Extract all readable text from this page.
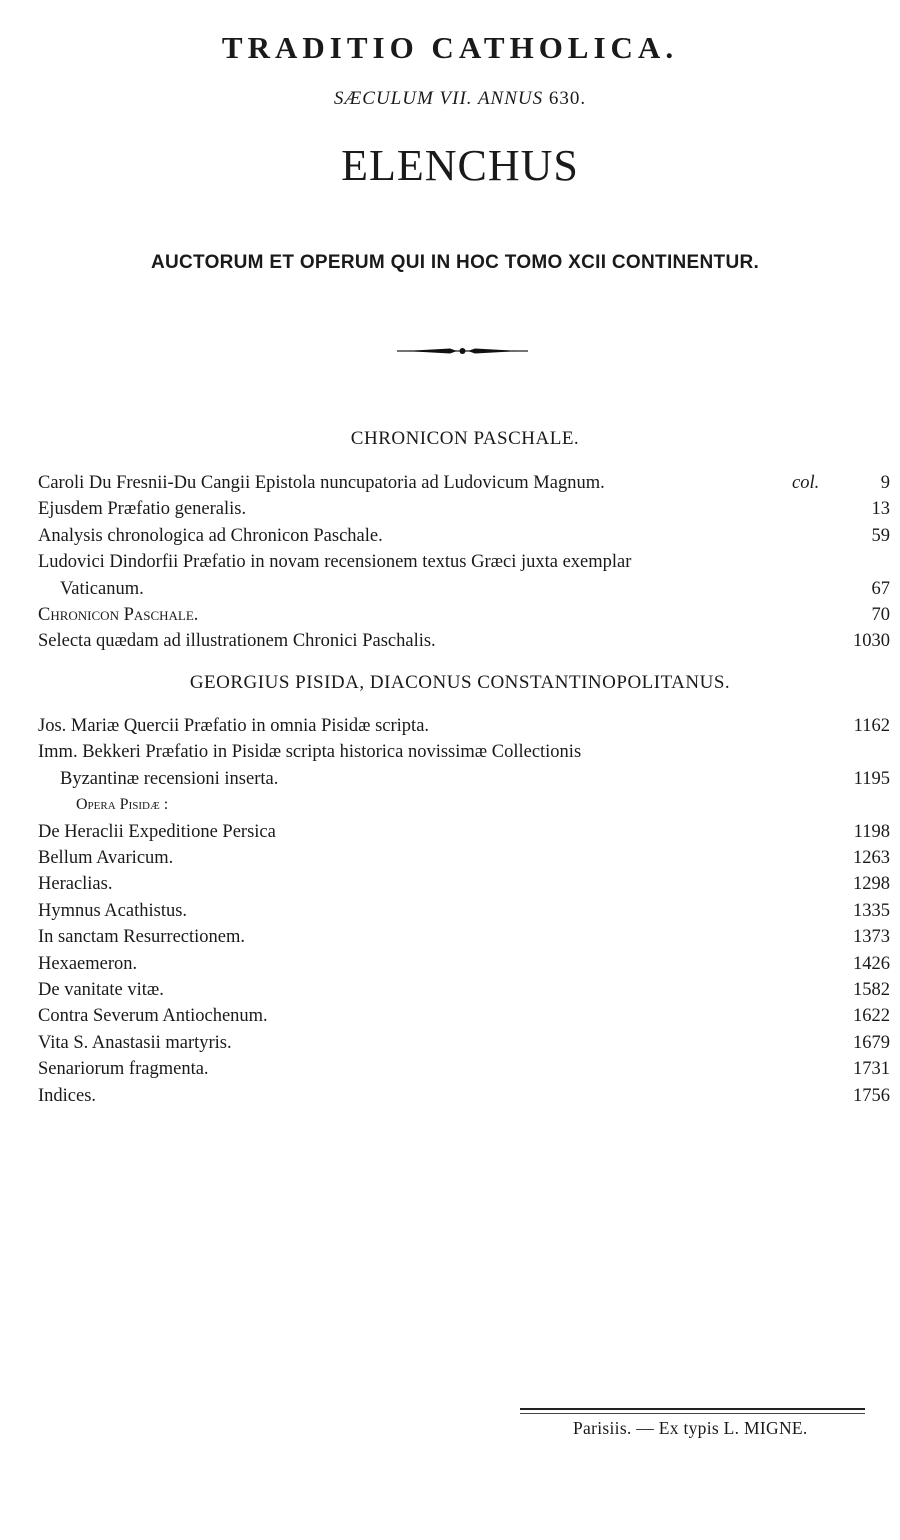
TRADITIO CATHOLICA.
SÆCULUM VII. ANNUS 630.
ELENCHUS
AUCTORUM ET OPERUM QUI IN HOC TOMO XCII CONTINENTUR.
CHRONICON PASCHALE.
Caroli Du Fresnii-Du Cangii Epistola nuncupatoria ad Ludovicum Magnum.	col.	9
Ejusdem Præfatio generalis.	13
Analysis chronologica ad Chronicon Paschale.	59
Ludovici Dindorfii Præfatio in novam recensionem textus Græci juxta exemplar
Vaticanum.	67
Chronicon Paschale.	70
Selecta quædam ad illustrationem Chronici Paschalis.	1030
GEORGIUS PISIDA, DIACONUS CONSTANTINOPOLITANUS.
Jos. Mariæ Quercii Præfatio in omnia Pisidæ scripta.	1162
Imm. Bekkeri Præfatio in Pisidæ scripta historica novissimæ Collectionis
Byzantinæ recensioni inserta.	1195
Opera Pisidæ :
De Heraclii Expeditione Persica	1198
Bellum Avaricum.	1263
Heraclias.	1298
Hymnus Acathistus.	1335
In sanctam Resurrectionem.	1373
Hexaemeron.	1426
De vanitate vitæ.	1582
Contra Severum Antiochenum.	1622
Vita S. Anastasii martyris.	1679
Senariorum fragmenta.	1731
Indices.	1756
Parisiis. — Ex typis L. MIGNE.
